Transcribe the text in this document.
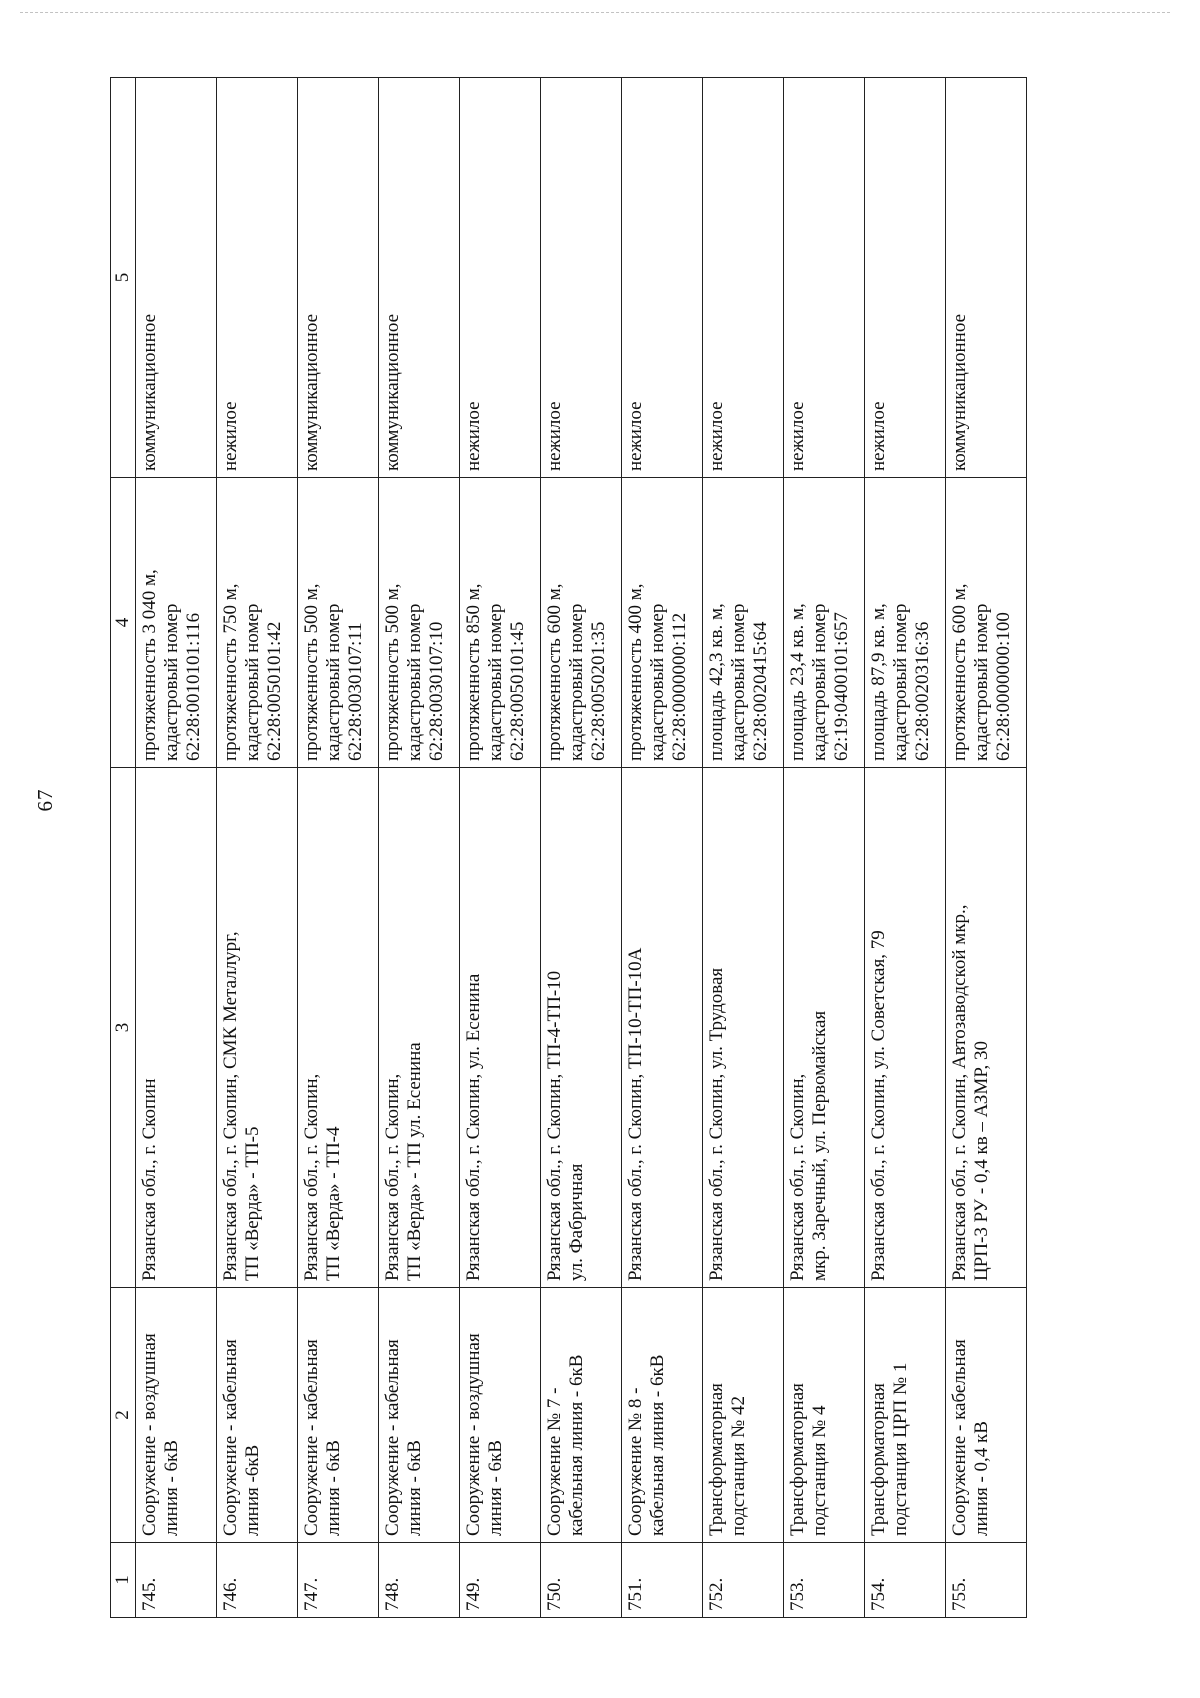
67
1	2	3	4	5
745.	Сооружение - воздушная линия - 6кВ	Рязанская обл., г. Скопин	протяженность 3 040 м, кадастровый номер 62:28:0010101:116	коммуникационное
746.	Сооружение - кабельная линия -6кВ	Рязанская обл., г. Скопин, СМК Металлург, ТП «Верда» - ТП-5	протяженность 750 м, кадастровый номер 62:28:0050101:42	нежилое
747.	Сооружение - кабельная линия - 6кВ	Рязанская обл., г. Скопин, ТП «Верда» - ТП-4	протяженность 500 м, кадастровый номер 62:28:0030107:11	коммуникационное
748.	Сооружение - кабельная линия - 6кВ	Рязанская обл., г. Скопин, ТП «Верда» - ТП ул. Есенина	протяженность 500 м, кадастровый номер 62:28:0030107:10	коммуникационное
749.	Сооружение - воздушная линия - 6кВ	Рязанская обл., г. Скопин, ул. Есенина	протяженность 850 м, кадастровый номер 62:28:0050101:45	нежилое
750.	Сооружение № 7 - кабельная линия - 6кВ	Рязанская обл., г. Скопин, ТП-4-ТП-10 ул. Фабричная	протяженность 600 м, кадастровый номер 62:28:0050201:35	нежилое
751.	Сооружение № 8 - кабельная линия - 6кВ	Рязанская обл., г. Скопин, ТП-10-ТП-10А	протяженность 400 м, кадастровый номер 62:28:0000000:112	нежилое
752.	Трансформаторная подстанция № 42	Рязанская обл., г. Скопин, ул. Трудовая	площадь 42,3 кв. м, кадастровый номер 62:28:0020415:64	нежилое
753.	Трансформаторная подстанция № 4	Рязанская обл., г. Скопин, мкр. Заречный, ул. Первомайская	площадь 23,4 кв. м, кадастровый номер 62:19:0400101:657	нежилое
754.	Трансформаторная подстанция ЦРП № 1	Рязанская обл., г. Скопин, ул. Советская, 79	площадь 87,9 кв. м, кадастровый номер 62:28:0020316:36	нежилое
755.	Сооружение - кабельная линия - 0,4 кВ	Рязанская обл., г. Скопин, Автозаводской мкр., ЦРП-3 РУ - 0,4 кв – АЗМР, 30	протяженность 600 м, кадастровый номер 62:28:0000000:100	коммуникационное
